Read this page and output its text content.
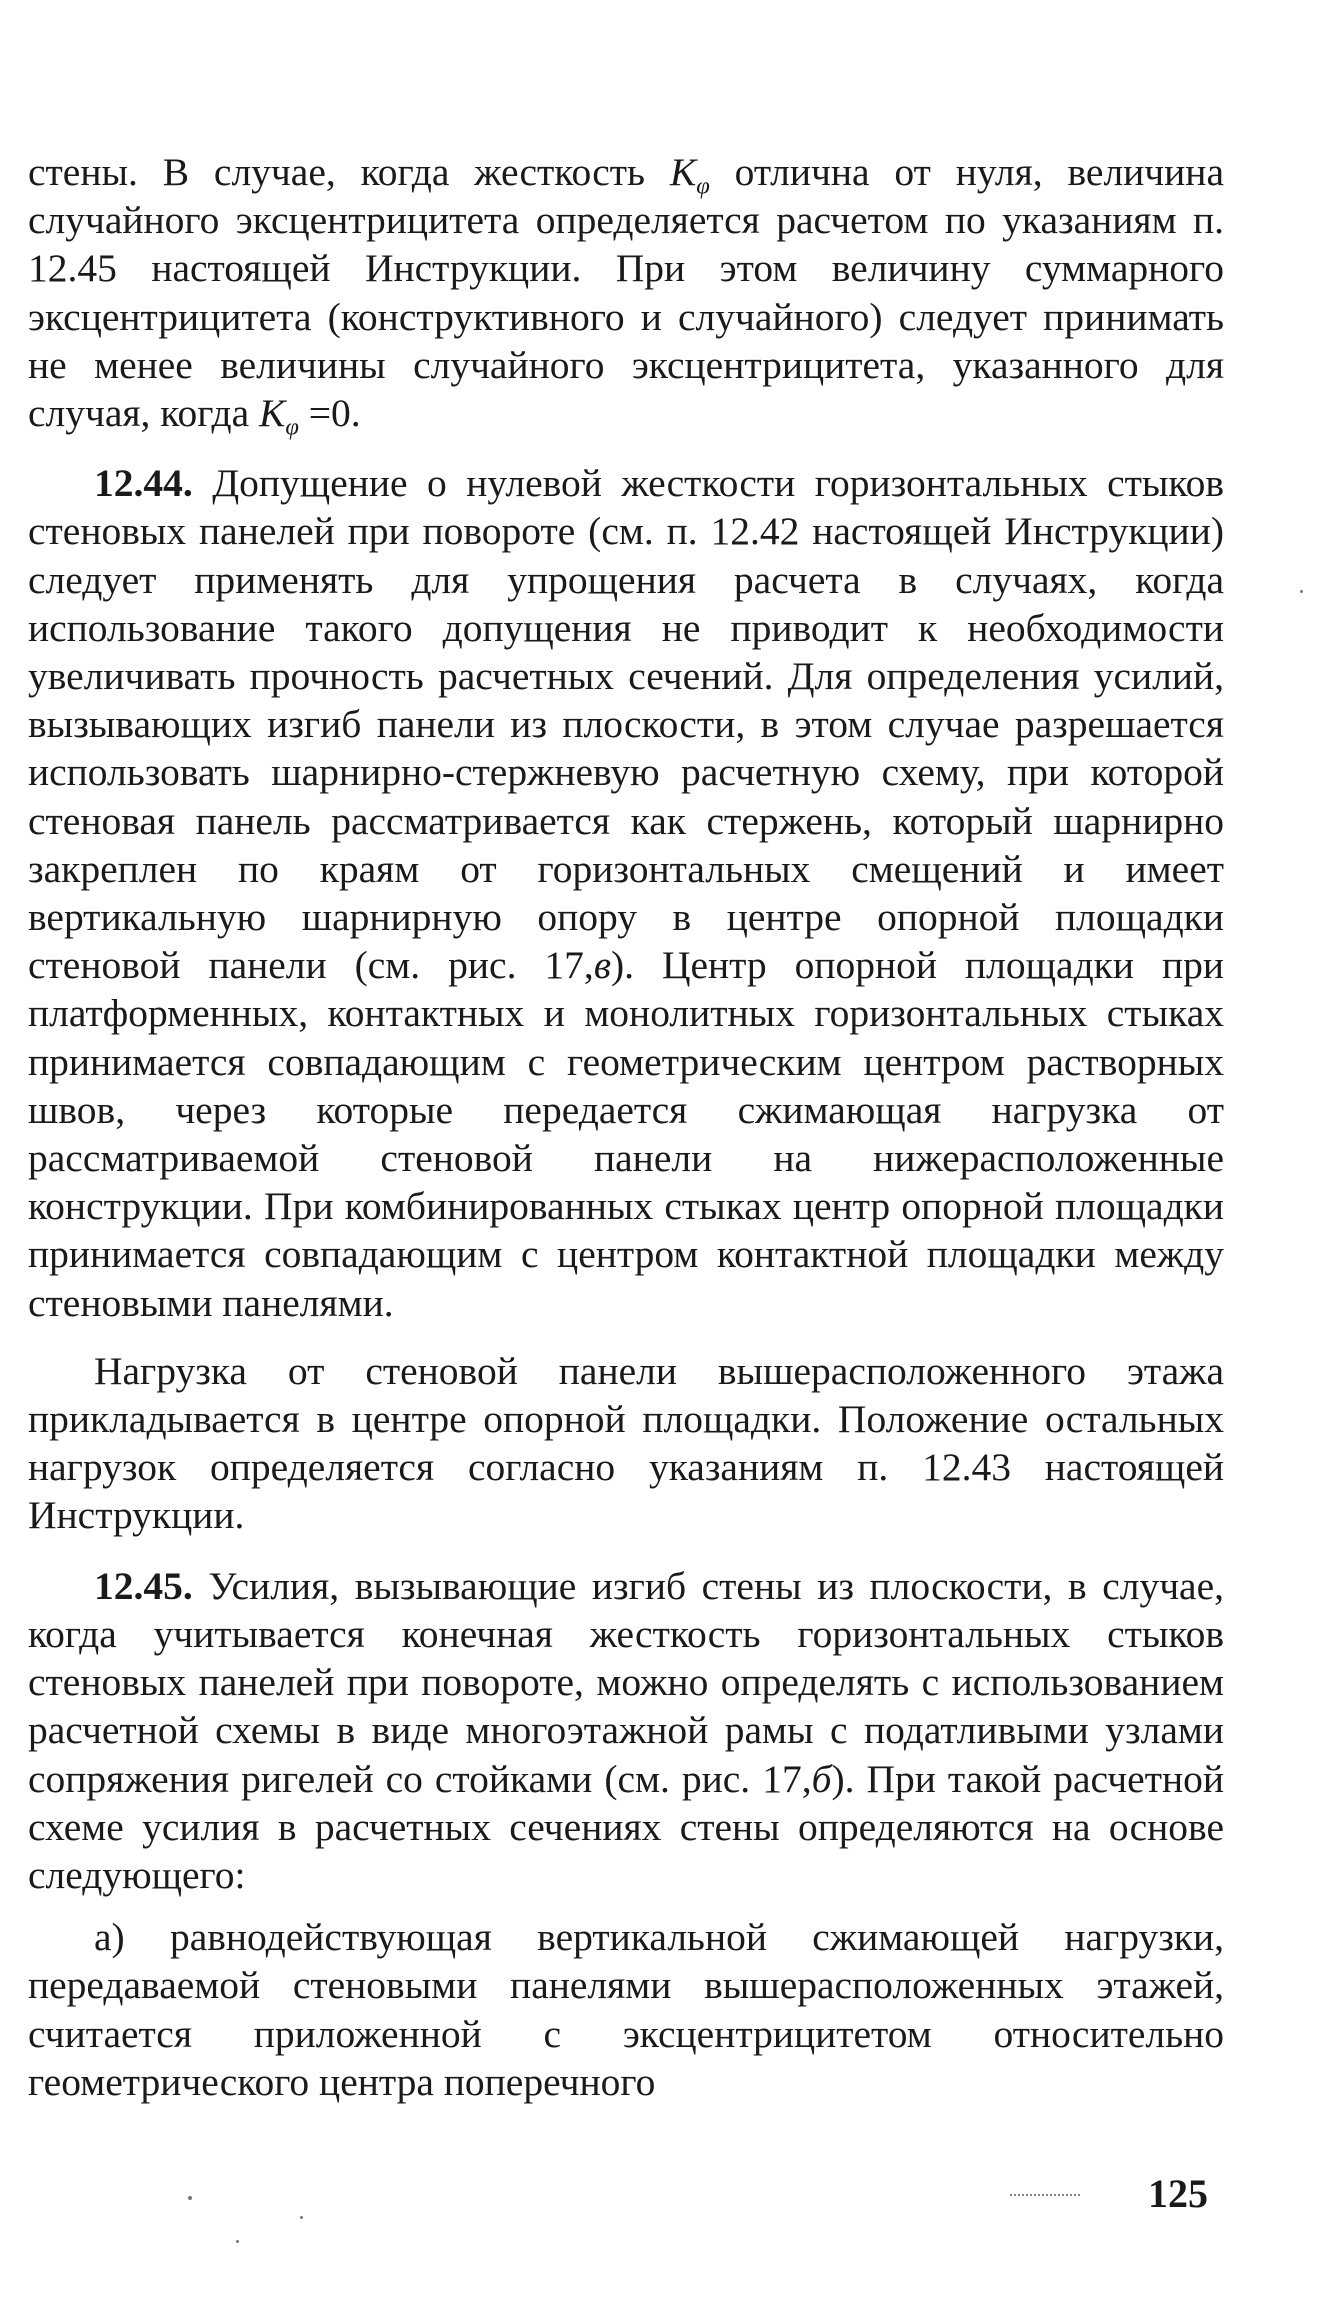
стены. В случае, когда жесткость $K_\varphi$ отлична от нуля, величина случайного эксцентрицитета определяется расчетом по указаниям п. 12.45 настоящей Инструкции. При этом величину суммарного эксцентрицитета (конструктивного и случайного) следует принимать не менее величины случайного эксцентрицитета, указанного для случая, когда $K_\varphi =0$.

12.44. Допущение о нулевой жесткости горизонтальных стыков стеновых панелей при повороте (см. п. 12.42 настоящей Инструкции) следует применять для упрощения расчета в случаях, когда использование такого допущения не приводит к необходимости увеличивать прочность расчетных сечений. Для определения усилий, вызывающих изгиб панели из плоскости, в этом случае разрешается использовать шарнирно-стержневую расчетную схему, при которой стеновая панель рассматривается как стержень, который шарнирно закреплен по краям от горизонтальных смещений и имеет вертикальную шарнирную опору в центре опорной площадки стеновой панели (см. рис. 17,в). Центр опорной площадки при платформенных, контактных и монолитных горизонтальных стыках принимается совпадающим с геометрическим центром растворных швов, через которые передается сжимающая нагрузка от рассматриваемой стеновой панели на нижерасположенные конструкции. При комбинированных стыках центр опорной площадки принимается совпадающим с центром контактной площадки между стеновыми панелями.

Нагрузка от стеновой панели вышерасположенного этажа прикладывается в центре опорной площадки. Положение остальных нагрузок определяется согласно указаниям п. 12.43 настоящей Инструкции.

12.45. Усилия, вызывающие изгиб стены из плоскости, в случае, когда учитывается конечная жесткость горизонтальных стыков стеновых панелей при повороте, можно определять с использованием расчетной схемы в виде многоэтажной рамы с податливыми узлами сопряжения ригелей со стойками (см. рис. 17,б). При такой расчетной схеме усилия в расчетных сечениях стены определяются на основе следующего:

а) равнодействующая вертикальной сжимающей нагрузки, передаваемой стеновыми панелями вышерасположенных этажей, считается приложенной с эксцентрицитетом относительно геометрического центра поперечного

125
